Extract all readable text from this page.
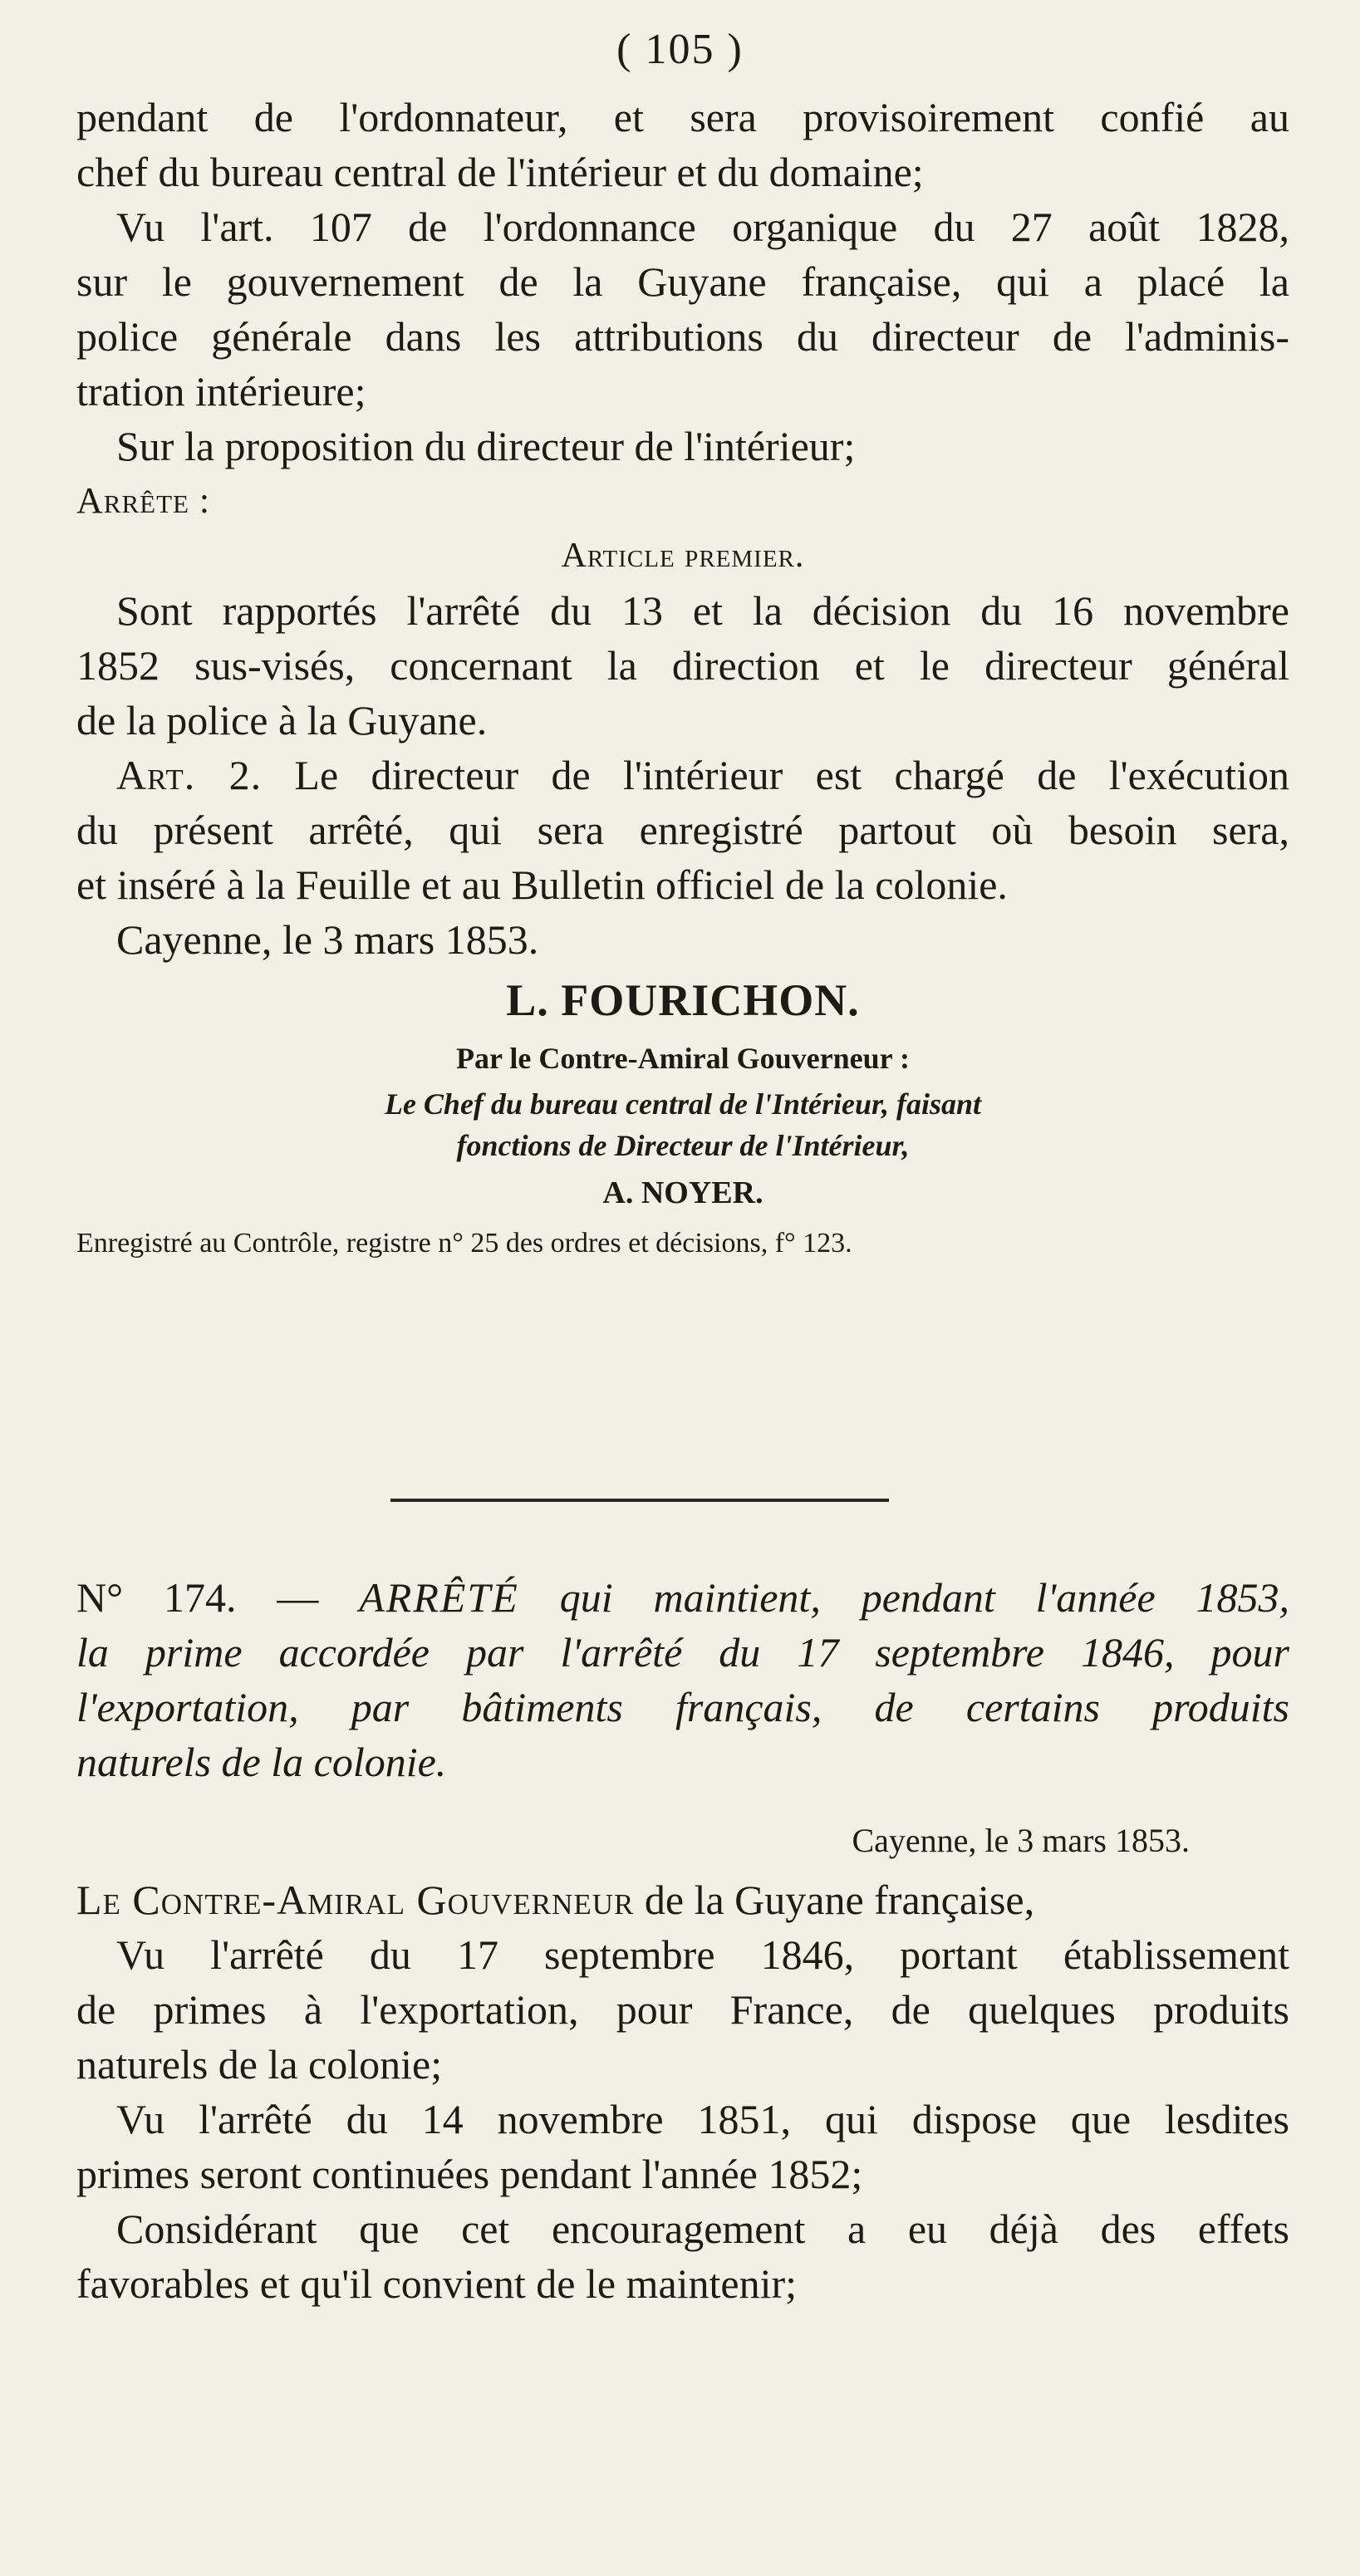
( 105 )

pendant de l'ordonnateur, et sera provisoirement confié au

chef du bureau central de l'intérieur et du domaine;

Vu l'art. 107 de l'ordonnance organique du 27 août 1828,

sur le gouvernement de la Guyane française, qui a placé la

police générale dans les attributions du directeur de l'adminis-

tration intérieure;

Sur la proposition du directeur de l'intérieur;

Arrête :

Article premier.

Sont rapportés l'arrêté du 13 et la décision du 16 novembre

1852 sus-visés, concernant la direction et le directeur général

de la police à la Guyane.

Art. 2. Le directeur de l'intérieur est chargé de l'exécution

du présent arrêté, qui sera enregistré partout où besoin sera,

et inséré à la Feuille et au Bulletin officiel de la colonie.

Cayenne, le 3 mars 1853.

L. FOURICHON.

Par le Contre-Amiral Gouverneur :

Le Chef du bureau central de l'Intérieur, faisant

fonctions de Directeur de l'Intérieur,

A. NOYER.

Enregistré au Contrôle, registre n° 25 des ordres et décisions, f° 123.

N° 174. — ARRÊTÉ qui maintient, pendant l'année 1853,
la prime accordée par l'arrêté du 17 septembre 1846, pour
l'exportation, par bâtiments français, de certains produits
naturels de la colonie.

Cayenne, le 3 mars 1853.

Le Contre-Amiral Gouverneur de la Guyane française,

Vu l'arrêté du 17 septembre 1846, portant établissement

de primes à l'exportation, pour France, de quelques produits

naturels de la colonie;

Vu l'arrêté du 14 novembre 1851, qui dispose que lesdites

primes seront continuées pendant l'année 1852;

Considérant que cet encouragement a eu déjà des effets

favorables et qu'il convient de le maintenir;
